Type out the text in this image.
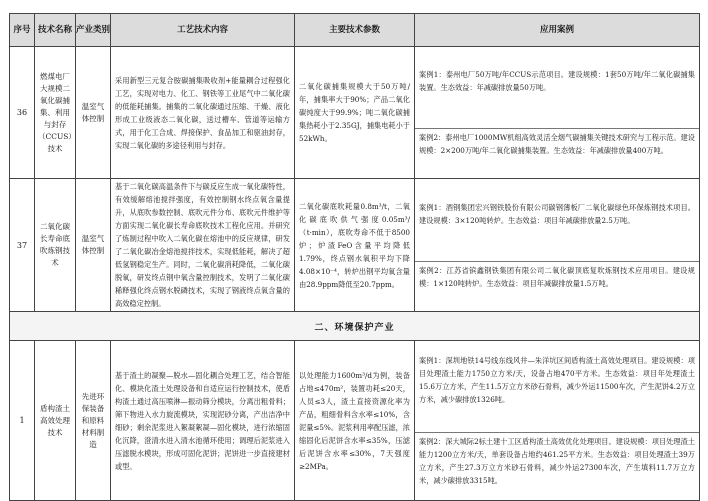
序号	技术名称	产业类别	工艺技术内容	主要技术参数	应用案例
36	燃煤电厂大规模二氧化碳捕集、利用与封存（CCUS）技术	温室气体控制	采用新型三元复合胺碳捕集吸收剂+能量耦合过程强化工艺，实现对电力、化工、钢铁等工业尾气中二氧化碳的低能耗捕集。捕集的二氧化碳通过压缩、干燥、液化形成工业级液态二氧化碳，送过槽车、管道等运输方式，用于化工合成、焊接保护、食品加工和驱油封存，实现二氧化碳的多途径利用与封存。	二氧化碳捕集规模大于50万吨/年，捕集率大于90%；产品二氧化碳纯度大于99.9%；吨二氧化碳捕集热耗小于2.35GJ，捕集电耗小于52kWh。	案例1：泰州电厂50万吨/年CCUS示范项目。建设规模：1套50万吨/年二氧化碳捕集装置。生态效益：年减碳排放量50万吨。
案例2：泰州电厂1000MW机组高效灵活全烟气碳捕集关键技术研究与工程示范。建设规模：2×200万吨/年二氧化碳捕集装置。生态效益：年减碳排放量400万吨。

37	二氧化碳长寿命底吹炼钢技术	温室气体控制	基于二氧化碳高温条件下与碳反应生成一氧化碳特性，有效缓解熔池搅拌强度，有效控制钢水终点氧含量提升，从底吹参数控制、底吹元件分布、底吹元件维护等方面实现二氧化碳长寿命底吹技术工程化应用。并研究了炼制过程中吹入二氧化碳在熔池中的反应规律，研发了二氧化碳冶金熔池搅拌技术，实现低能耗，解决了超低氢钢稳定生产。同时，二氧化碳消耗降低，二氧化碳脱氧，研发终点钢中氧含量控制技术，发明了二氧化碳稀释强化终点钢水脱磷技术，实现了钢液终点氧含量的高效稳定控制。	二氧化碳底吹耗量0.8m³/t，二氧化碳底吹供气强度0.05m³/（t·min），底吹寿命不低于8500炉；炉渣FeO含量平均降低1.79%，终点钢水氧积平均下降4.08×10⁻⁴，转炉出钢平均氧含量由28.9ppm降低至20.7ppm。	案例1：酒钢集团宏兴钢铁股份有限公司碳钢薄板厂二氧化碳绿色环保炼钢技术项目。建设规模：3×120吨转炉。生态效益：项目年减碳排放量2.5万吨。
案例2：江苏省镔鑫钢铁集团有限公司二氧化碳顶底复吹炼钢技术应用项目。建设规模：1×120吨转炉。生态效益：项目年减碳排放量1.5万吨。

二、环境保护产业					
1	盾构渣土高效处理技术	先进环保装备和原料材料制造	基于渣土的凝聚—脱水—固化耦合处理工艺，结合智能化、模块化渣土处理设备和自适应运行控制技术，使盾构渣土通过高压喷淋—振动筛分模块，分离出粗骨料；筛下物进入水力旋流模块，实现泥砂分离，产出洁净中细砂；剩余泥浆进入絮凝絮凝—固化模块，进行浓缩固化沉降，澄清水进入清水池循环使用；调理后泥浆进入压滤脱水模块，形成可固化泥饼；泥饼进一步直接建材或型。	以处理能力1600m³/d为例，装备占地≤470m²，装置功耗≤20天，人员≤3人，渣土直接资源化率为产品，粗细骨料含水率≤10%，含泥量≤5%。泥浆利用率配压滤，浓缩固化后泥饼含水率≤35%，压滤后泥饼含水率≤30%，7天强度≥2MPa。	案例1：深圳地铁14号线东线风井—朱洋坑区间盾构渣土高效处理项目。建设规模：项目处理渣土能力1750立方米/天，设备占地470平方米。生态效益：项目年处理渣土15.6万立方米，产生11.5万立方米砂石骨料，减少外运11500车次，产生泥饼4.2万立方米，减少碳排放1326吨。
案例2：深大城际2标土建十工区盾构渣土高效优化处理项目。建设规模：项目处理渣土能力1200立方米/天，单套设备占地约461.25平方米。生态效益：项目处理渣土39万立方米，产生27.3万立方米砂石骨料，减少外运27300车次，产生填料11.7万立方米，减少碳排放3315吨。
